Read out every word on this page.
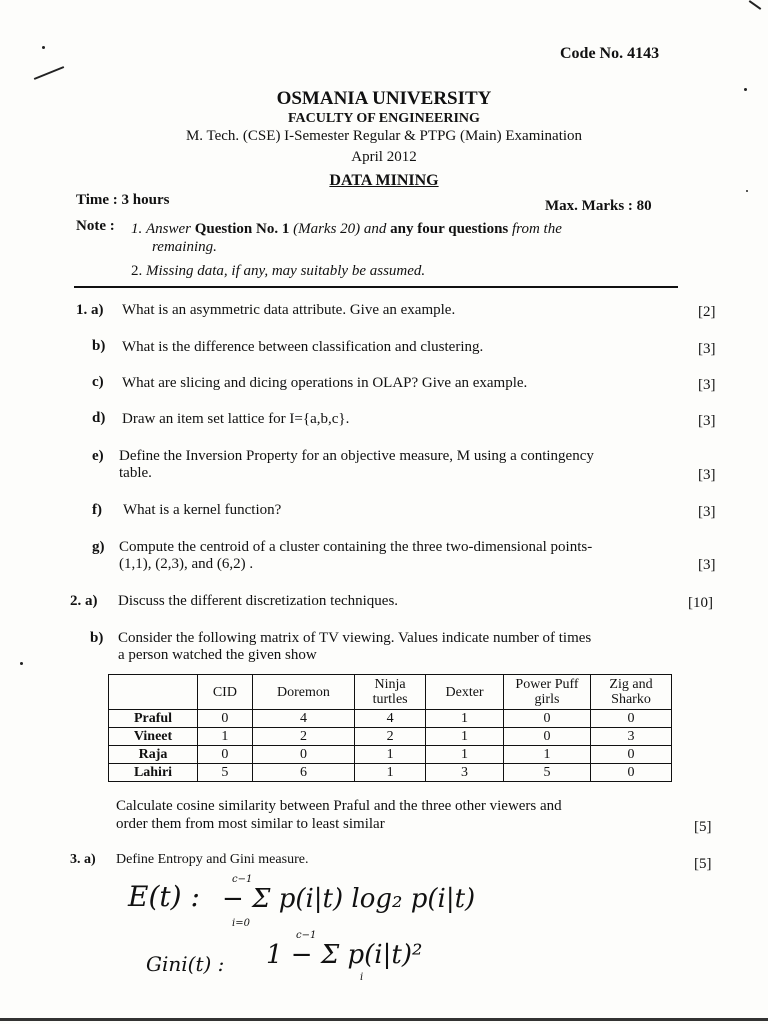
Code No. 4143
OSMANIA UNIVERSITY
FACULTY OF ENGINEERING
M. Tech. (CSE) I-Semester Regular & PTPG (Main) Examination
April 2012
DATA MINING
Time : 3 hours	Max. Marks : 80
Note : 1. Answer Question No. 1 (Marks 20) and any four questions from the
remaining.
2. Missing data, if any, may suitably be assumed.
1. a) What is an asymmetric data attribute. Give an example.	[2]
b) What is the difference between classification and clustering.	[3]
c) What are slicing and dicing operations in OLAP? Give an example.	[3]
d) Draw an item set lattice for I={a,b,c}.	[3]
e) Define the Inversion Property for an objective measure, M using a contingency
table.	[3]
f) What is a kernel function?	[3]
g) Compute the centroid of a cluster containing the three two-dimensional points-
(1,1), (2,3), and (6,2) .	[3]
2. a) Discuss the different discretization techniques.	[10]
b) Consider the following matrix of TV viewing. Values indicate number of times
a person watched the given show
	CID	Doremon	Ninja turtles	Dexter	Power Puff girls	Zig and Sharko
Praful	0	4	4	1	0	0
Vineet	1	2	2	1	0	3
Raja	0	0	1	1	1	0
Lahiri	5	6	1	3	5	0
Calculate cosine similarity between Praful and the three other viewers and
order them from most similar to least similar	[5]
3. a) Define Entropy and Gini measure.	[5]
E(t) :
c−1
− Σ p(i|t) log₂ p(i|t)
i=0
Gini(t) :
c−1
1 − Σ p(i|t)²
i
